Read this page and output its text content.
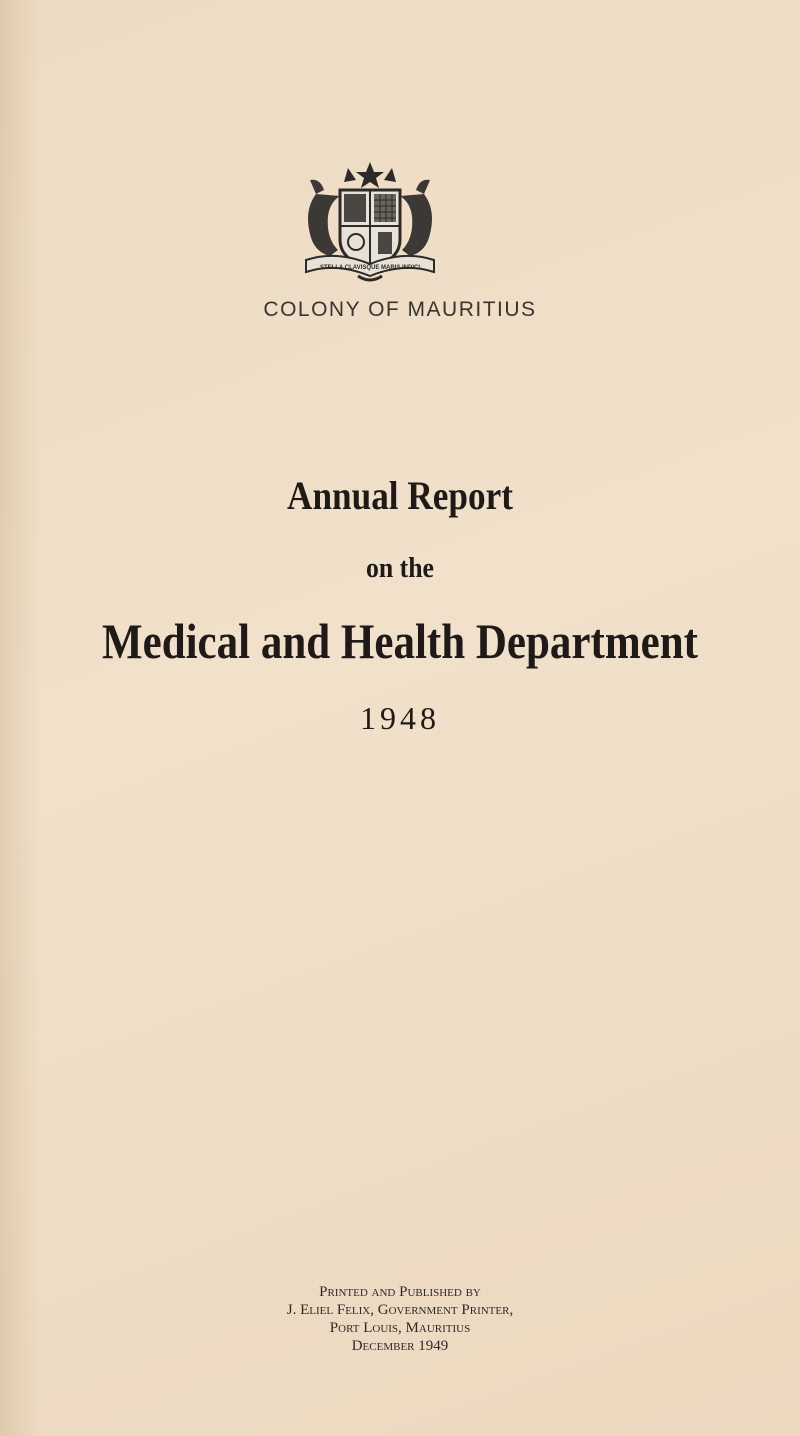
STELLA CLAVISQUE MARIS INDICI
COLONY OF MAURITIUS
Annual Report
on the
Medical and Health Department
1948
Printed and Published by
J. Eliel Felix, Government Printer,
Port Louis, Mauritius
December 1949
